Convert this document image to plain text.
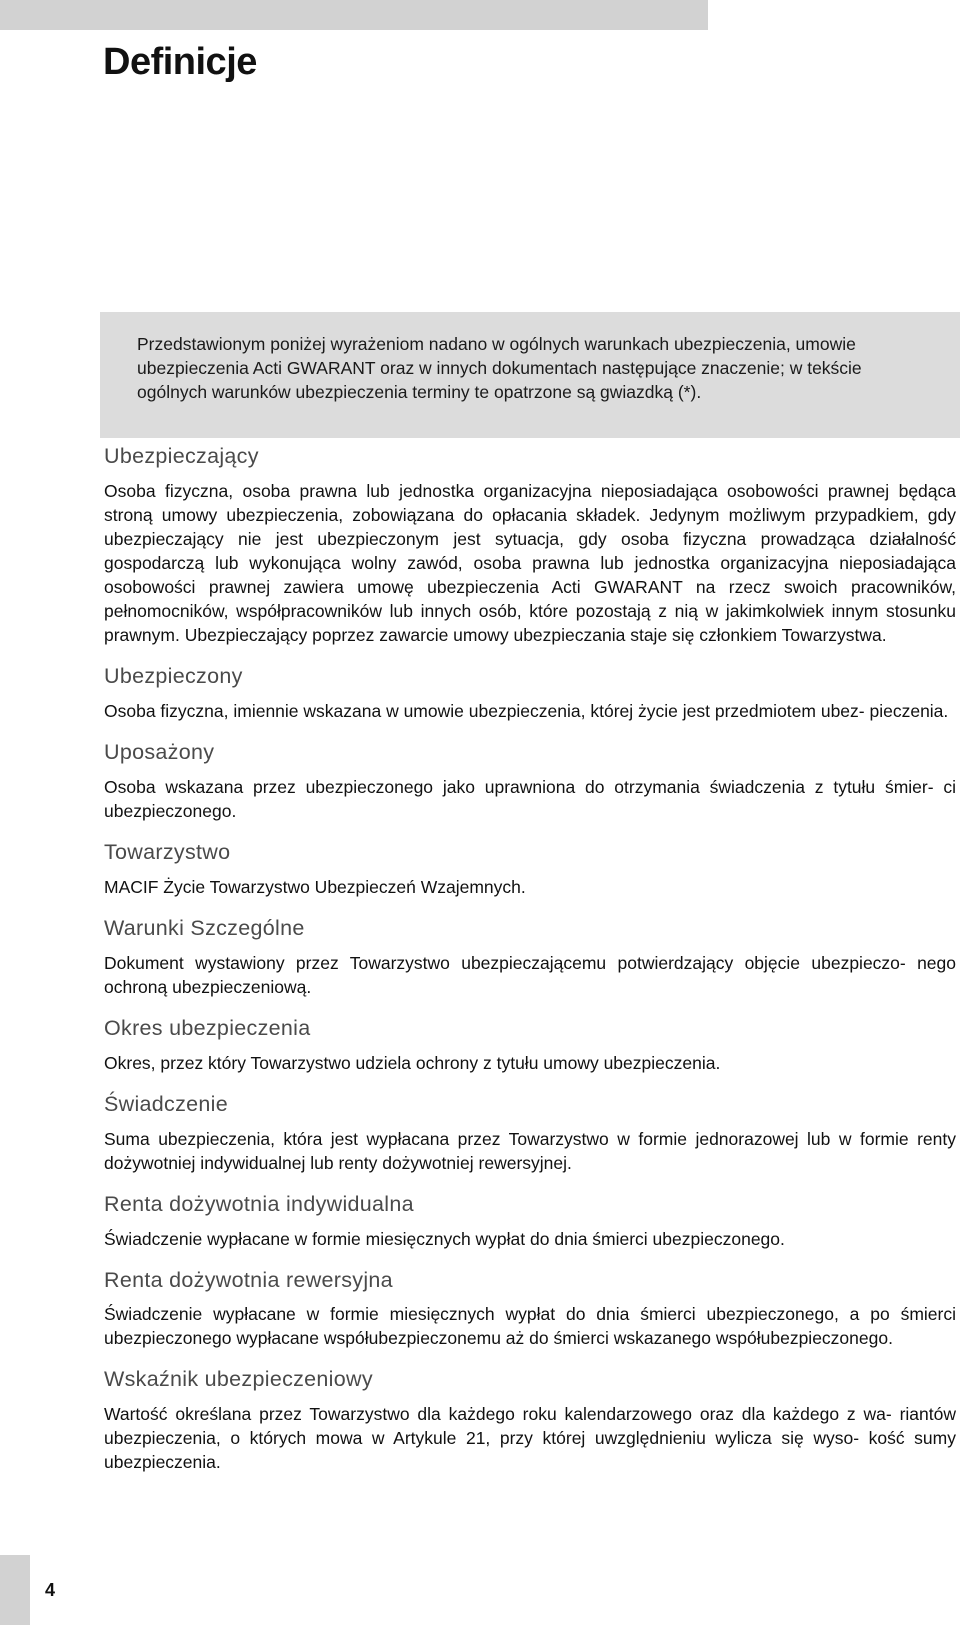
Definicje

Przedstawionym poniżej wyrażeniom nadano w ogólnych warunkach ubezpieczenia, umowie ubezpieczenia Acti GWARANT oraz w innych dokumentach następujące znaczenie; w tekście ogólnych warunków ubezpieczenia terminy te opatrzone są gwiazdką (*).

Ubezpieczający

Osoba fizyczna, osoba prawna lub jednostka organizacyjna nieposiadająca osobowości prawnej będąca stroną umowy ubezpieczenia, zobowiązana do opłacania składek. Jedynym możliwym przypadkiem, gdy ubezpieczający nie jest ubezpieczonym jest sytuacja, gdy osoba fizyczna prowadząca działalność gospodarczą lub wykonująca wolny zawód, osoba prawna lub jednostka organizacyjna nieposiadająca osobowości prawnej zawiera umowę ubezpieczenia Acti GWARANT na rzecz swoich pracowników, pełnomocników, współpracowników lub innych osób, które pozostają z nią w jakimkolwiek innym stosunku prawnym. Ubezpieczający poprzez zawarcie umowy ubezpieczania staje się członkiem Towarzystwa.

Ubezpieczony

Osoba fizyczna, imiennie wskazana w umowie ubezpieczenia, której życie jest przedmiotem ubez- pieczenia.

Uposażony

Osoba wskazana przez ubezpieczonego jako uprawniona do otrzymania świadczenia z tytułu śmier- ci ubezpieczonego.

Towarzystwo

MACIF Życie Towarzystwo Ubezpieczeń Wzajemnych.

Warunki Szczególne

Dokument wystawiony przez Towarzystwo ubezpieczającemu potwierdzający objęcie ubezpieczo- nego ochroną ubezpieczeniową.

Okres ubezpieczenia

Okres, przez który Towarzystwo udziela ochrony z tytułu umowy ubezpieczenia.

Świadczenie

Suma ubezpieczenia, która jest wypłacana przez Towarzystwo w formie jednorazowej lub w formie renty dożywotniej indywidualnej lub renty dożywotniej rewersyjnej.

Renta dożywotnia indywidualna

Świadczenie wypłacane w formie miesięcznych wypłat do dnia śmierci ubezpieczonego.

Renta dożywotnia rewersyjna

Świadczenie wypłacane w formie miesięcznych wypłat do dnia śmierci ubezpieczonego, a po śmierci ubezpieczonego wypłacane współubezpieczonemu aż do śmierci wskazanego współubezpieczonego.

Wskaźnik ubezpieczeniowy

Wartość określana przez Towarzystwo dla każdego roku kalendarzowego oraz dla każdego z wa- riantów ubezpieczenia, o których mowa w Artykule 21, przy której uwzględnieniu wylicza się wyso- kość sumy ubezpieczenia.

4
